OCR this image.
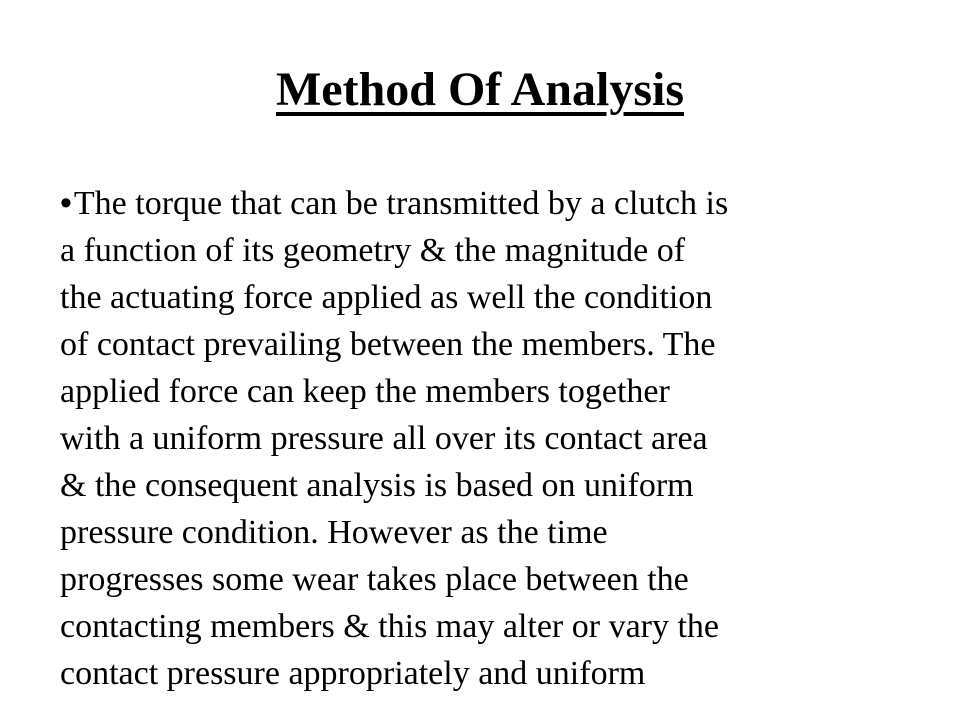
Method Of Analysis
•The torque that can be transmitted by a clutch is
a function of its geometry & the magnitude of
the actuating force applied as well the condition
of contact prevailing between the members. The
applied force can keep the members together
with a uniform pressure all over its contact area
& the consequent analysis is based on uniform
pressure condition. However as the time
progresses some wear takes place between the
contacting members & this may alter or vary the
contact pressure appropriately and uniform
